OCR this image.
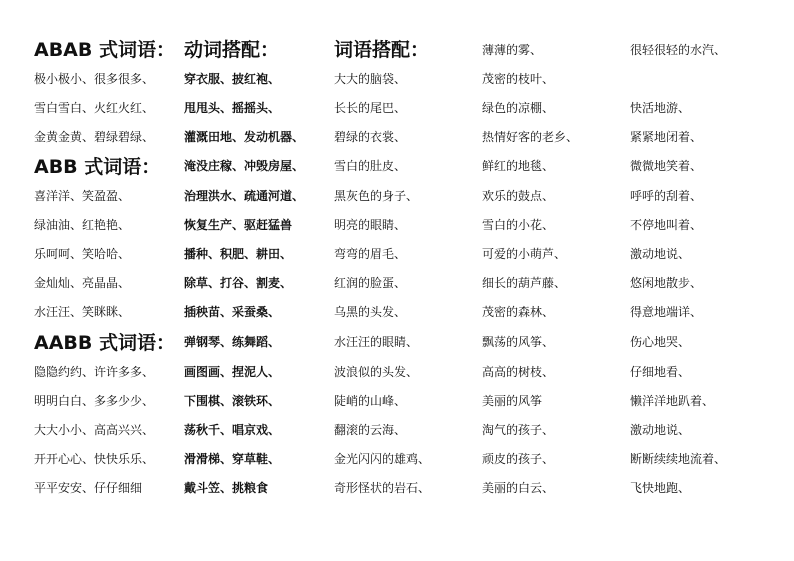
ABAB 式词语：
极小极小、很多很多、
雪白雪白、火红火红、
金黄金黄、碧绿碧绿、
ABB 式词语：
喜洋洋、笑盈盈、
绿油油、红艳艳、
乐呵呵、笑哈哈、
金灿灿、亮晶晶、
水汪汪、笑眯眯、
AABB 式词语：
隐隐约约、许许多多、
明明白白、多多少少、
大大小小、高高兴兴、
开开心心、快快乐乐、
平平安安、仔仔细细
动词搭配：
穿衣服、披红袍、
甩甩头、摇摇头、
灌溉田地、发动机器、
淹没庄稼、冲毁房屋、
治理洪水、疏通河道、
恢复生产、驱赶猛兽
播种、积肥、耕田、
除草、打谷、割麦、
插秧苗、采蚕桑、
弹钢琴、练舞蹈、
画图画、捏泥人、
下围棋、滚铁环、
荡秋千、唱京戏、
滑滑梯、穿草鞋、
戴斗笠、挑粮食
词语搭配：
大大的脑袋、
长长的尾巴、
碧绿的衣裳、
雪白的肚皮、
黑灰色的身子、
明亮的眼睛、
弯弯的眉毛、
红润的脸蛋、
乌黑的头发、
水汪汪的眼睛、
波浪似的头发、
陡峭的山峰、
翻滚的云海、
金光闪闪的雄鸡、
奇形怪状的岩石、
薄薄的雾、
茂密的枝叶、
绿色的凉棚、
热情好客的老乡、
鲜红的地毯、
欢乐的鼓点、
雪白的小花、
可爱的小萌芦、
细长的葫芦藤、
茂密的森林、
飘荡的风筝、
高高的树枝、
美丽的风筝
淘气的孩子、
顽皮的孩子、
美丽的白云、
很轻很轻的水汽、
快活地游、
紧紧地闭着、
微微地笑着、
呼呼的刮着、
不停地叫着、
激动地说、
悠闲地散步、
得意地端详、
伤心地哭、
仔细地看、
懒洋洋地趴着、
激动地说、
断断续续地流着、
飞快地跑、
